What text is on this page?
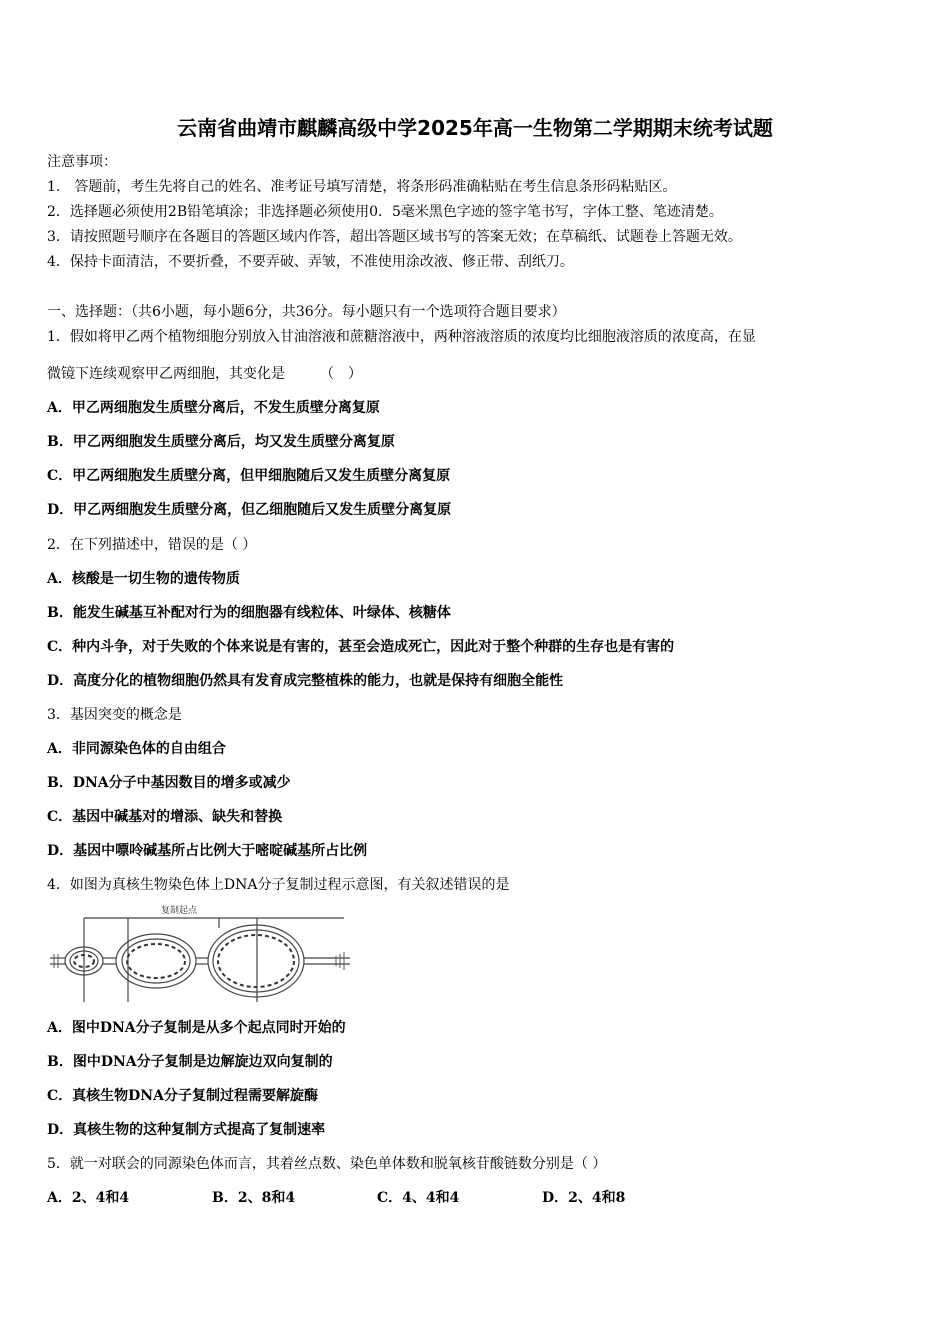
云南省曲靖市麒麟高级中学2025年高一生物第二学期期末统考试题
注意事项：
1.　答题前，考生先将自己的姓名、准考证号填写清楚，将条形码准确粘贴在考生信息条形码粘贴区。
2．选择题必须使用2B铅笔填涂；非选择题必须使用0．5毫米黑色字迹的签字笔书写，字体工整、笔迹清楚。
3．请按照题号顺序在各题目的答题区域内作答，超出答题区域书写的答案无效；在草稿纸、试题卷上答题无效。
4．保持卡面清洁，不要折叠，不要弄破、弄皱，不准使用涂改液、修正带、刮纸刀。
一、选择题：（共6小题，每小题6分，共36分。每小题只有一个选项符合题目要求）
1．假如将甲乙两个植物细胞分别放入甘油溶液和蔗糖溶液中，两种溶液溶质的浓度均比细胞液溶质的浓度高，在显
微镜下连续观察甲乙两细胞，其变化是　　　（　）
A．甲乙两细胞发生质壁分离后，不发生质壁分离复原
B．甲乙两细胞发生质壁分离后，均又发生质壁分离复原
C．甲乙两细胞发生质壁分离，但甲细胞随后又发生质壁分离复原
D．甲乙两细胞发生质壁分离，但乙细胞随后又发生质壁分离复原
2．在下列描述中，错误的是（ ）
A．核酸是一切生物的遗传物质
B．能发生碱基互补配对行为的细胞器有线粒体、叶绿体、核糖体
C．种内斗争，对于失败的个体来说是有害的，甚至会造成死亡，因此对于整个种群的生存也是有害的
D．高度分化的植物细胞仍然具有发育成完整植株的能力，也就是保持有细胞全能性
3．基因突变的概念是
A．非同源染色体的自由组合
B．DNA分子中基因数目的增多或减少
C．基因中碱基对的增添、缺失和替换
D．基因中嘌呤碱基所占比例大于嘧啶碱基所占比例
4．如图为真核生物染色体上DNA分子复制过程示意图，有关叙述错误的是
复制起点
A．图中DNA分子复制是从多个起点同时开始的
B．图中DNA分子复制是边解旋边双向复制的
C．真核生物DNA分子复制过程需要解旋酶
D．真核生物的这种复制方式提高了复制速率
5．就一对联会的同源染色体而言，其着丝点数、染色单体数和脱氧核苷酸链数分别是（ ）
A．2、4和4	B．2、8和4	C．4、4和4	D．2、4和8
